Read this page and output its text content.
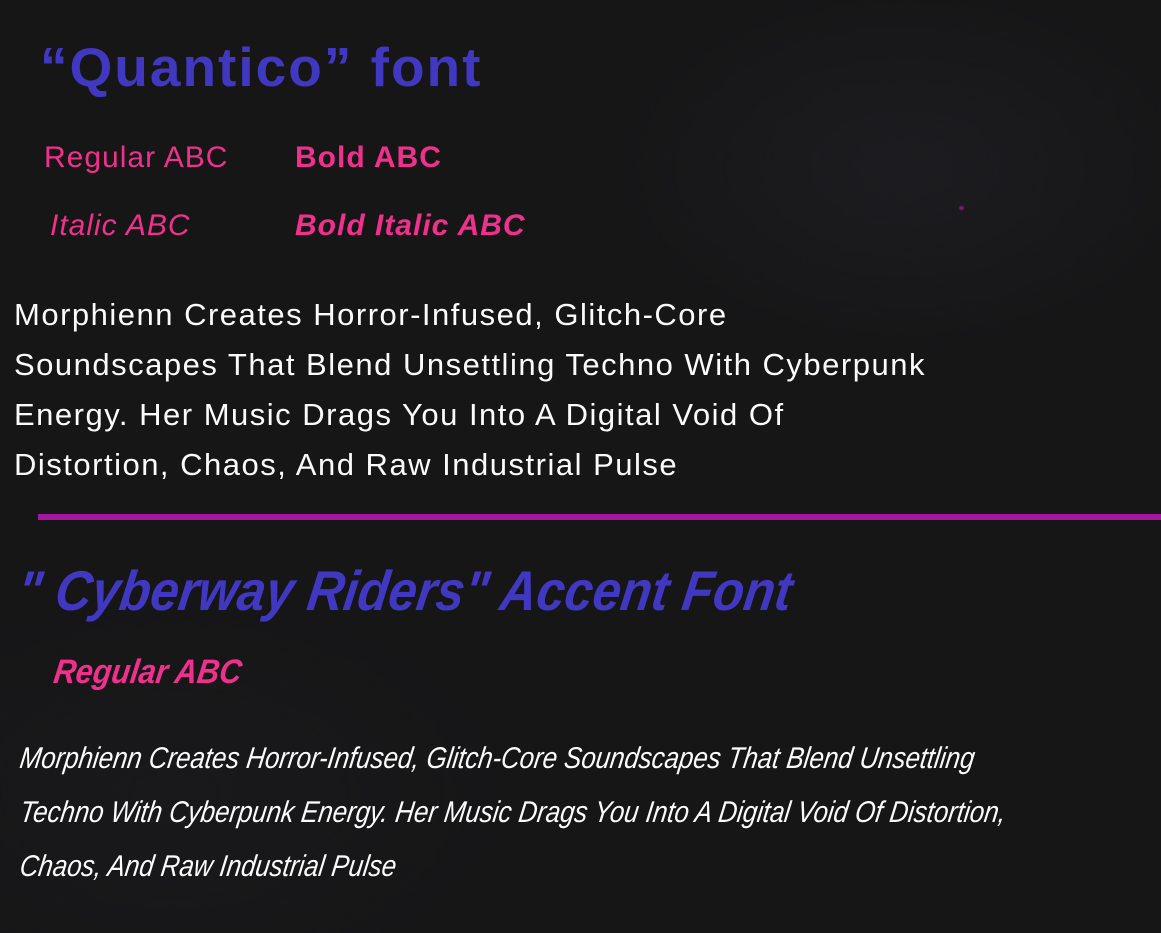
“Quantico” font
Regular ABC	Bold ABC
Italic ABC	Bold Italic ABC
Morphienn Creates Horror-Infused, Glitch-Core
Soundscapes That Blend Unsettling Techno With Cyberpunk
Energy. Her Music Drags You Into A Digital Void Of
Distortion, Chaos, And Raw Industrial Pulse
" Cyberway Riders" Accent Font
Regular ABC
Morphienn Creates Horror-Infused, Glitch-Core Soundscapes That Blend Unsettling
Techno With Cyberpunk Energy. Her Music Drags You Into A Digital Void Of Distortion,
Chaos, And Raw Industrial Pulse
